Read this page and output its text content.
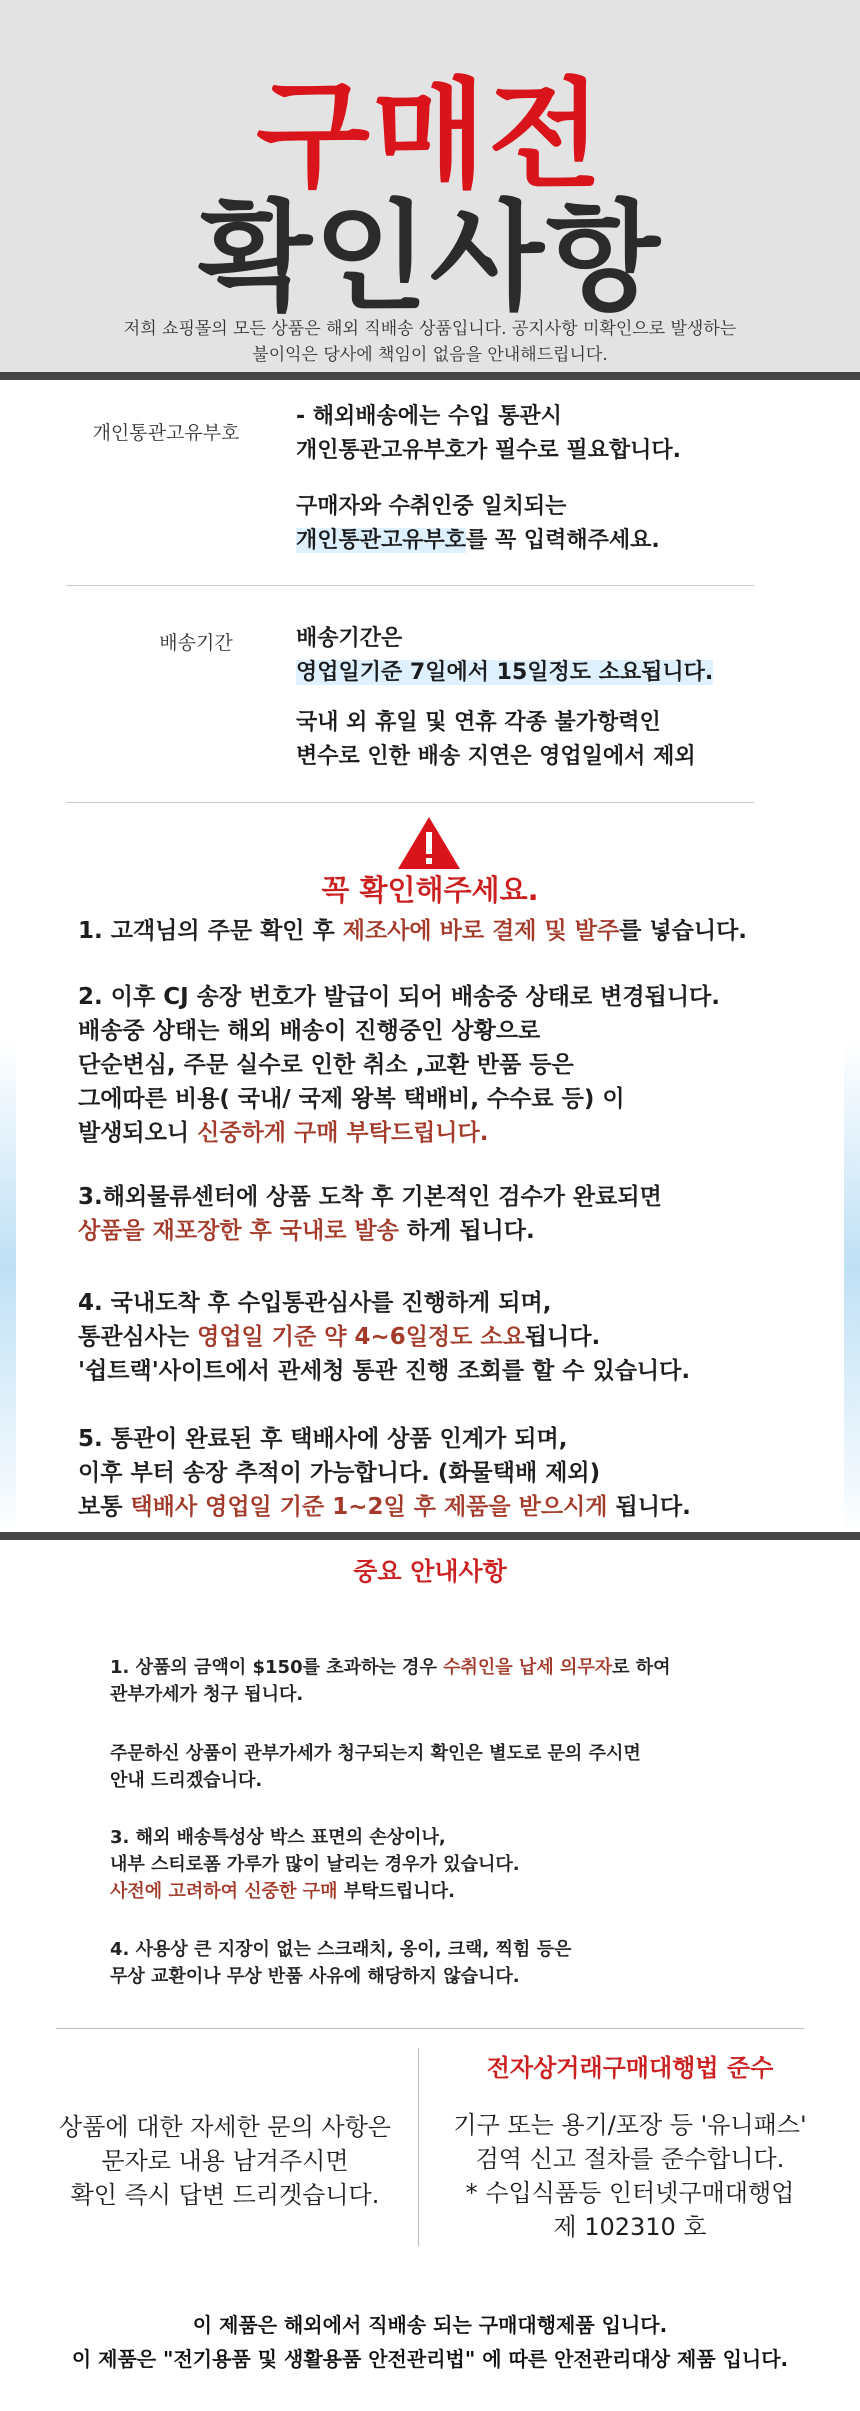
구매전
확인사항
저희 쇼핑몰의 모든 상품은 해외 직배송 상품입니다. 공지사항 미확인으로 발생하는
불이익은 당사에 책임이 없음을 안내해드립니다.
개인통관고유부호
- 해외배송에는 수입 통관시
개인통관고유부호가 필수로 필요합니다.
구매자와 수취인중 일치되는
개인통관고유부호를 꼭 입력해주세요.
배송기간	배송기간은
영업일기준 7일에서 15일정도 소요됩니다.
국내 외 휴일 및 연휴 각종 불가항력인
변수로 인한 배송 지연은 영업일에서 제외
꼭 확인해주세요.
1. 고객님의 주문 확인 후 제조사에 바로 결제 및 발주를 넣습니다.
2. 이후 CJ 송장 번호가 발급이 되어 배송중 상태로 변경됩니다.
배송중 상태는 해외 배송이 진행중인 상황으로
단순변심, 주문 실수로 인한 취소 ,교환 반품 등은
그에따른 비용( 국내/ 국제 왕복 택배비, 수수료 등) 이
발생되오니 신중하게 구매 부탁드립니다.
3.해외물류센터에 상품 도착 후 기본적인 검수가 완료되면
상품을 재포장한 후 국내로 발송 하게 됩니다.
4. 국내도착 후 수입통관심사를 진행하게 되며,
통관심사는 영업일 기준 약 4~6일정도 소요됩니다.
'쉽트랙'사이트에서 관세청 통관 진행 조회를 할 수 있습니다.
5. 통관이 완료된 후 택배사에 상품 인계가 되며,
이후 부터 송장 추적이 가능합니다. (화물택배 제외)
보통 택배사 영업일 기준 1~2일 후 제품을 받으시게 됩니다.
중요 안내사항
1. 상품의 금액이 $150를 초과하는 경우 수취인을 납세 의무자로 하여
관부가세가 청구 됩니다.
주문하신 상품이 관부가세가 청구되는지 확인은 별도로 문의 주시면
안내 드리겠습니다.
3. 해외 배송특성상 박스 표면의 손상이나,
내부 스티로폼 가루가 많이 날리는 경우가 있습니다.
사전에 고려하여 신중한 구매 부탁드립니다.
4. 사용상 큰 지장이 없는 스크래치, 옹이, 크랙, 찍힘 등은
무상 교환이나 무상 반품 사유에 해당하지 않습니다.
상품에 대한 자세한 문의 사항은
문자로 내용 남겨주시면
확인 즉시 답변 드리겟습니다.
전자상거래구매대행법 준수
기구 또는 용기/포장 등 '유니패스'
검역 신고 절차를 준수합니다.
* 수입식품등 인터넷구매대행업
제 102310 호
이 제품은 해외에서 직배송 되는 구매대행제품 입니다.
이 제품은 "전기용품 및 생활용품 안전관리법" 에 따른 안전관리대상 제품 입니다.
